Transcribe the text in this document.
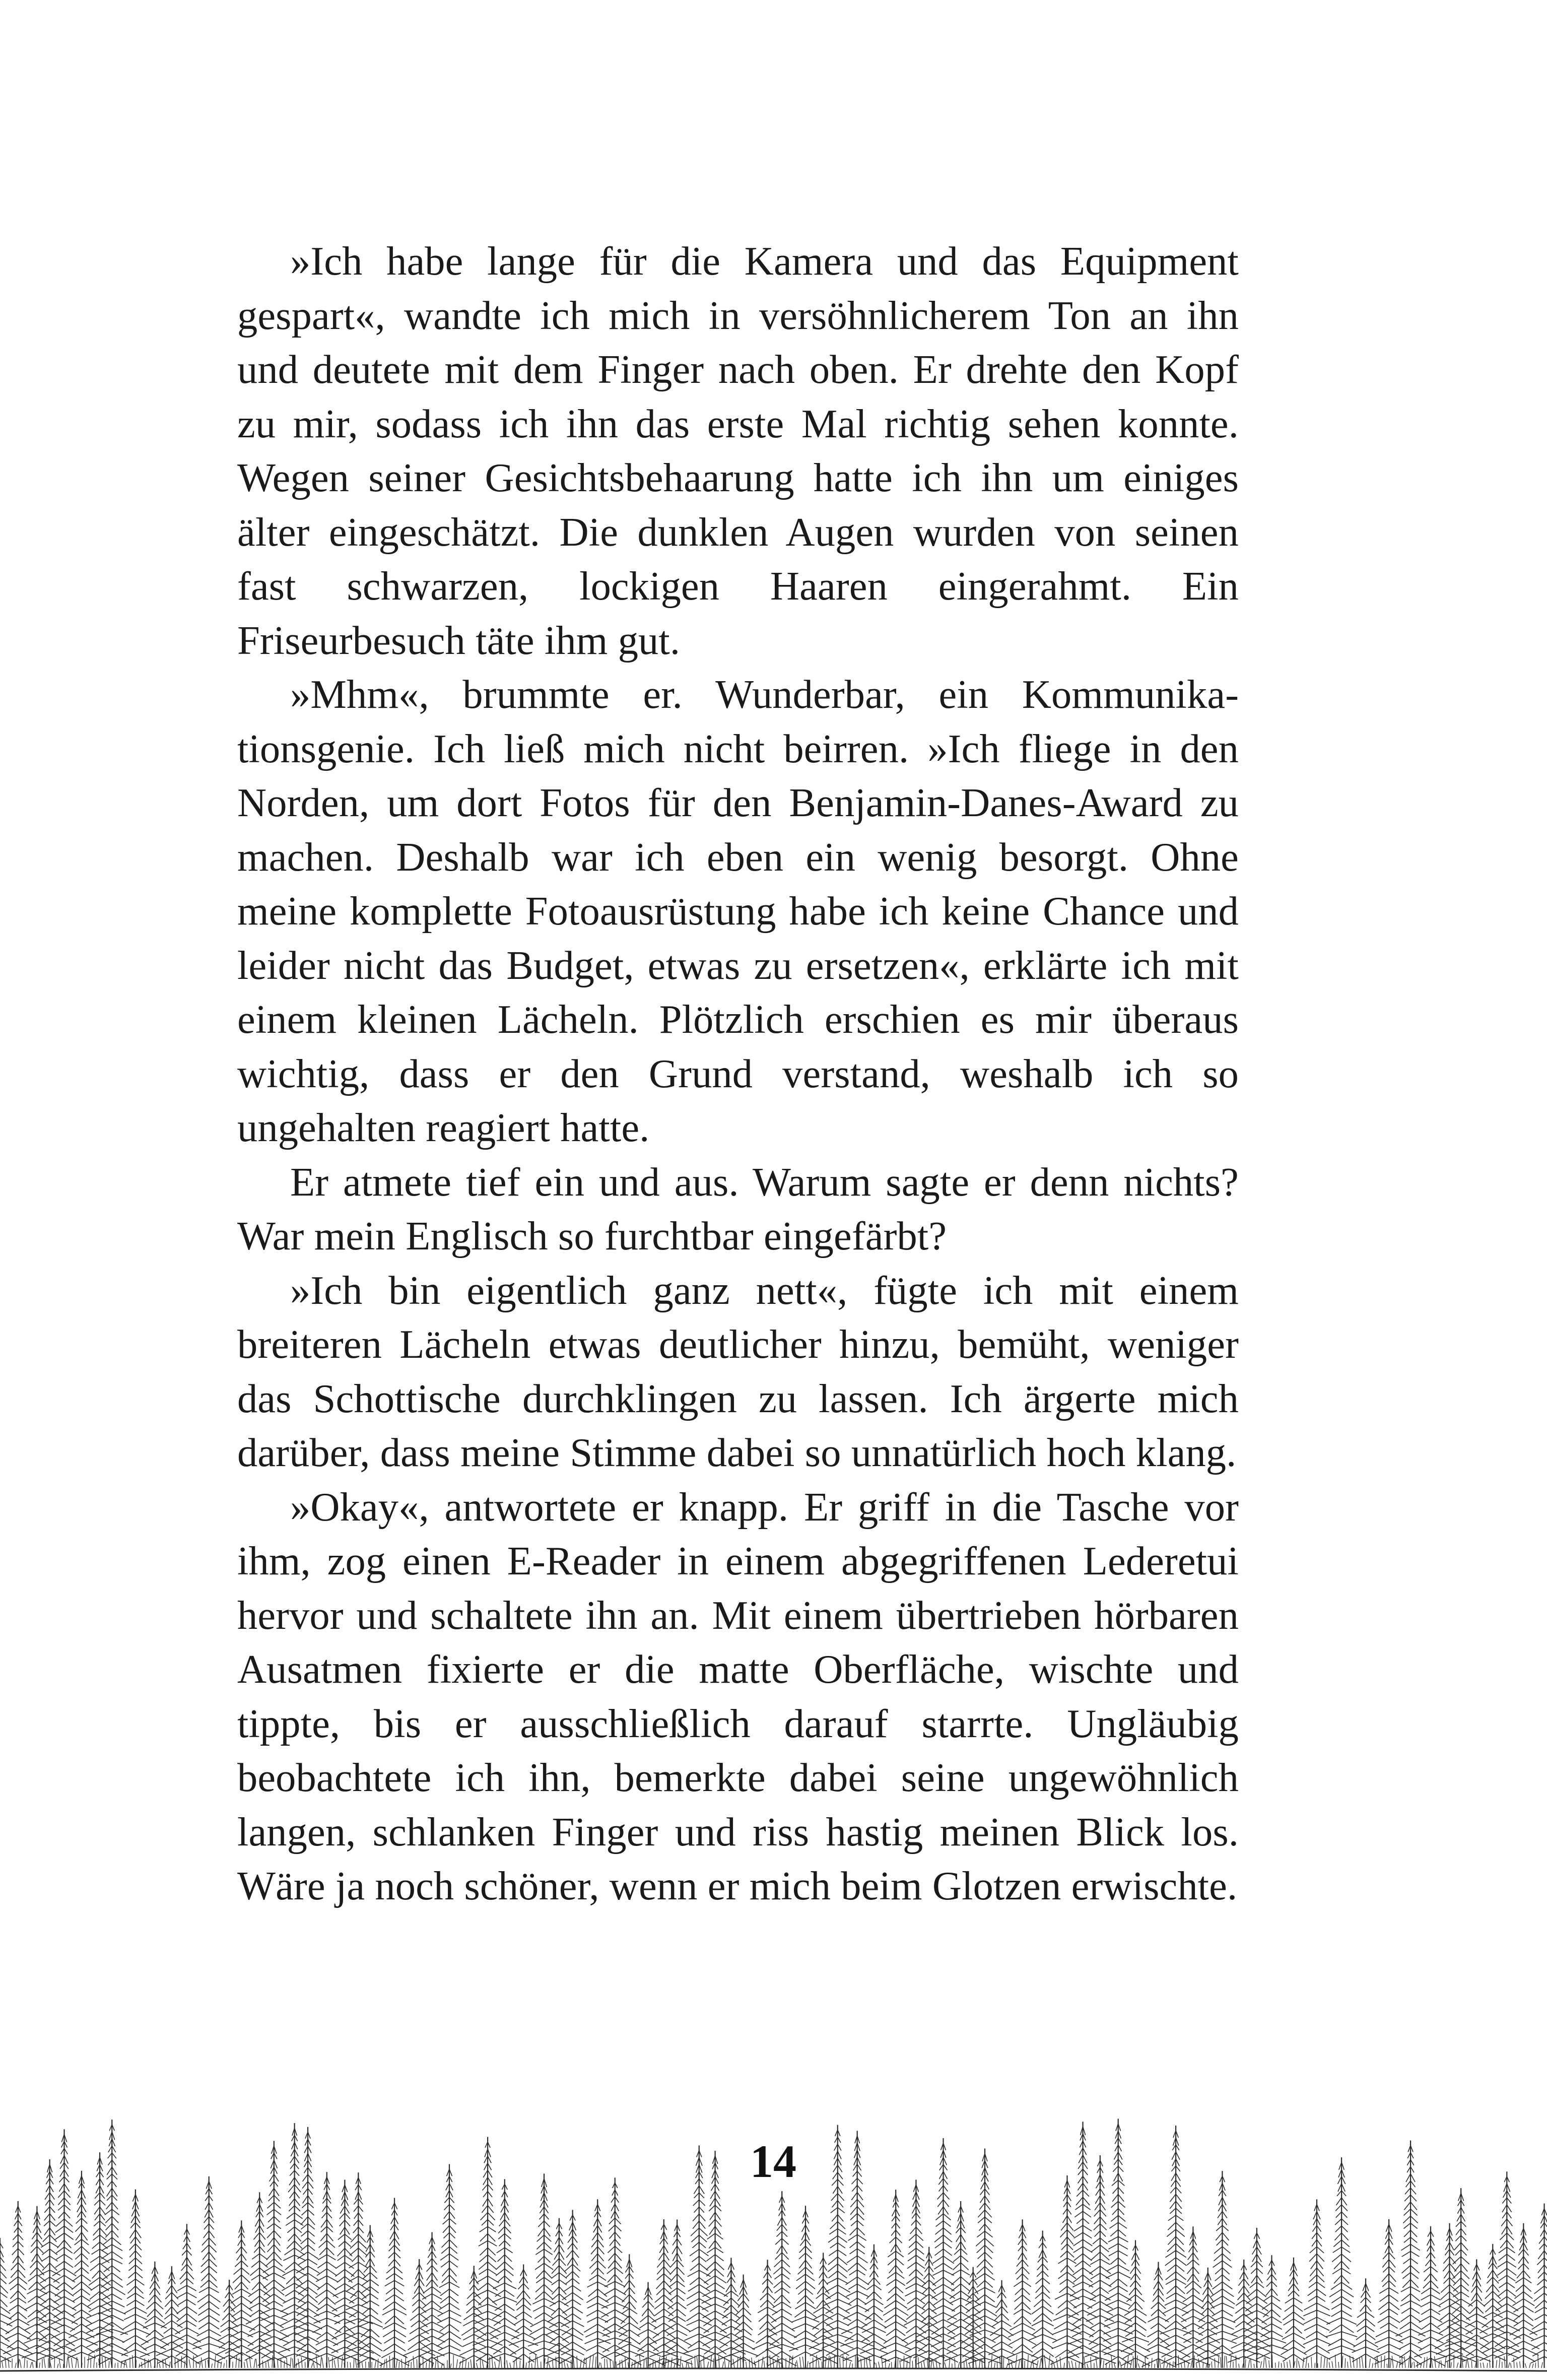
»Ich habe lange für die Kamera und das Equipment gespart«, wandte ich mich in versöhnlicherem Ton an ihn und deutete mit dem Finger nach oben. Er drehte den Kopf zu mir, sodass ich ihn das erste Mal richtig sehen konnte. Wegen seiner Gesichtsbehaarung hatte ich ihn um einiges älter eingeschätzt. Die dunklen Augen wurden von seinen fast schwarzen, lockigen Haaren eingerahmt. Ein Friseurbesuch täte ihm gut.

»Mhm«, brummte er. Wunderbar, ein Kommunikationsgenie. Ich ließ mich nicht beirren. »Ich fliege in den Norden, um dort Fotos für den Benjamin-Danes-Award zu machen. Deshalb war ich eben ein wenig besorgt. Ohne meine komplette Fotoausrüstung habe ich keine Chance und leider nicht das Budget, etwas zu ersetzen«, erklärte ich mit einem kleinen Lächeln. Plötzlich erschien es mir überaus wichtig, dass er den Grund verstand, weshalb ich so ungehalten reagiert hatte.

Er atmete tief ein und aus. Warum sagte er denn nichts? War mein Englisch so furchtbar eingefärbt?

»Ich bin eigentlich ganz nett«, fügte ich mit einem breiteren Lächeln etwas deutlicher hinzu, bemüht, weniger das Schottische durchklingen zu lassen. Ich ärgerte mich darüber, dass meine Stimme dabei so unnatürlich hoch klang.

»Okay«, antwortete er knapp. Er griff in die Tasche vor ihm, zog einen E-Reader in einem abgegriffenen Lederetui hervor und schaltete ihn an. Mit einem übertrieben hörbaren Ausatmen fixierte er die matte Oberfläche, wischte und tippte, bis er ausschließlich darauf starrte. Ungläubig beobachtete ich ihn, bemerkte dabei seine ungewöhnlich langen, schlanken Finger und riss hastig meinen Blick los. Wäre ja noch schöner, wenn er mich beim Glotzen erwischte.

14
